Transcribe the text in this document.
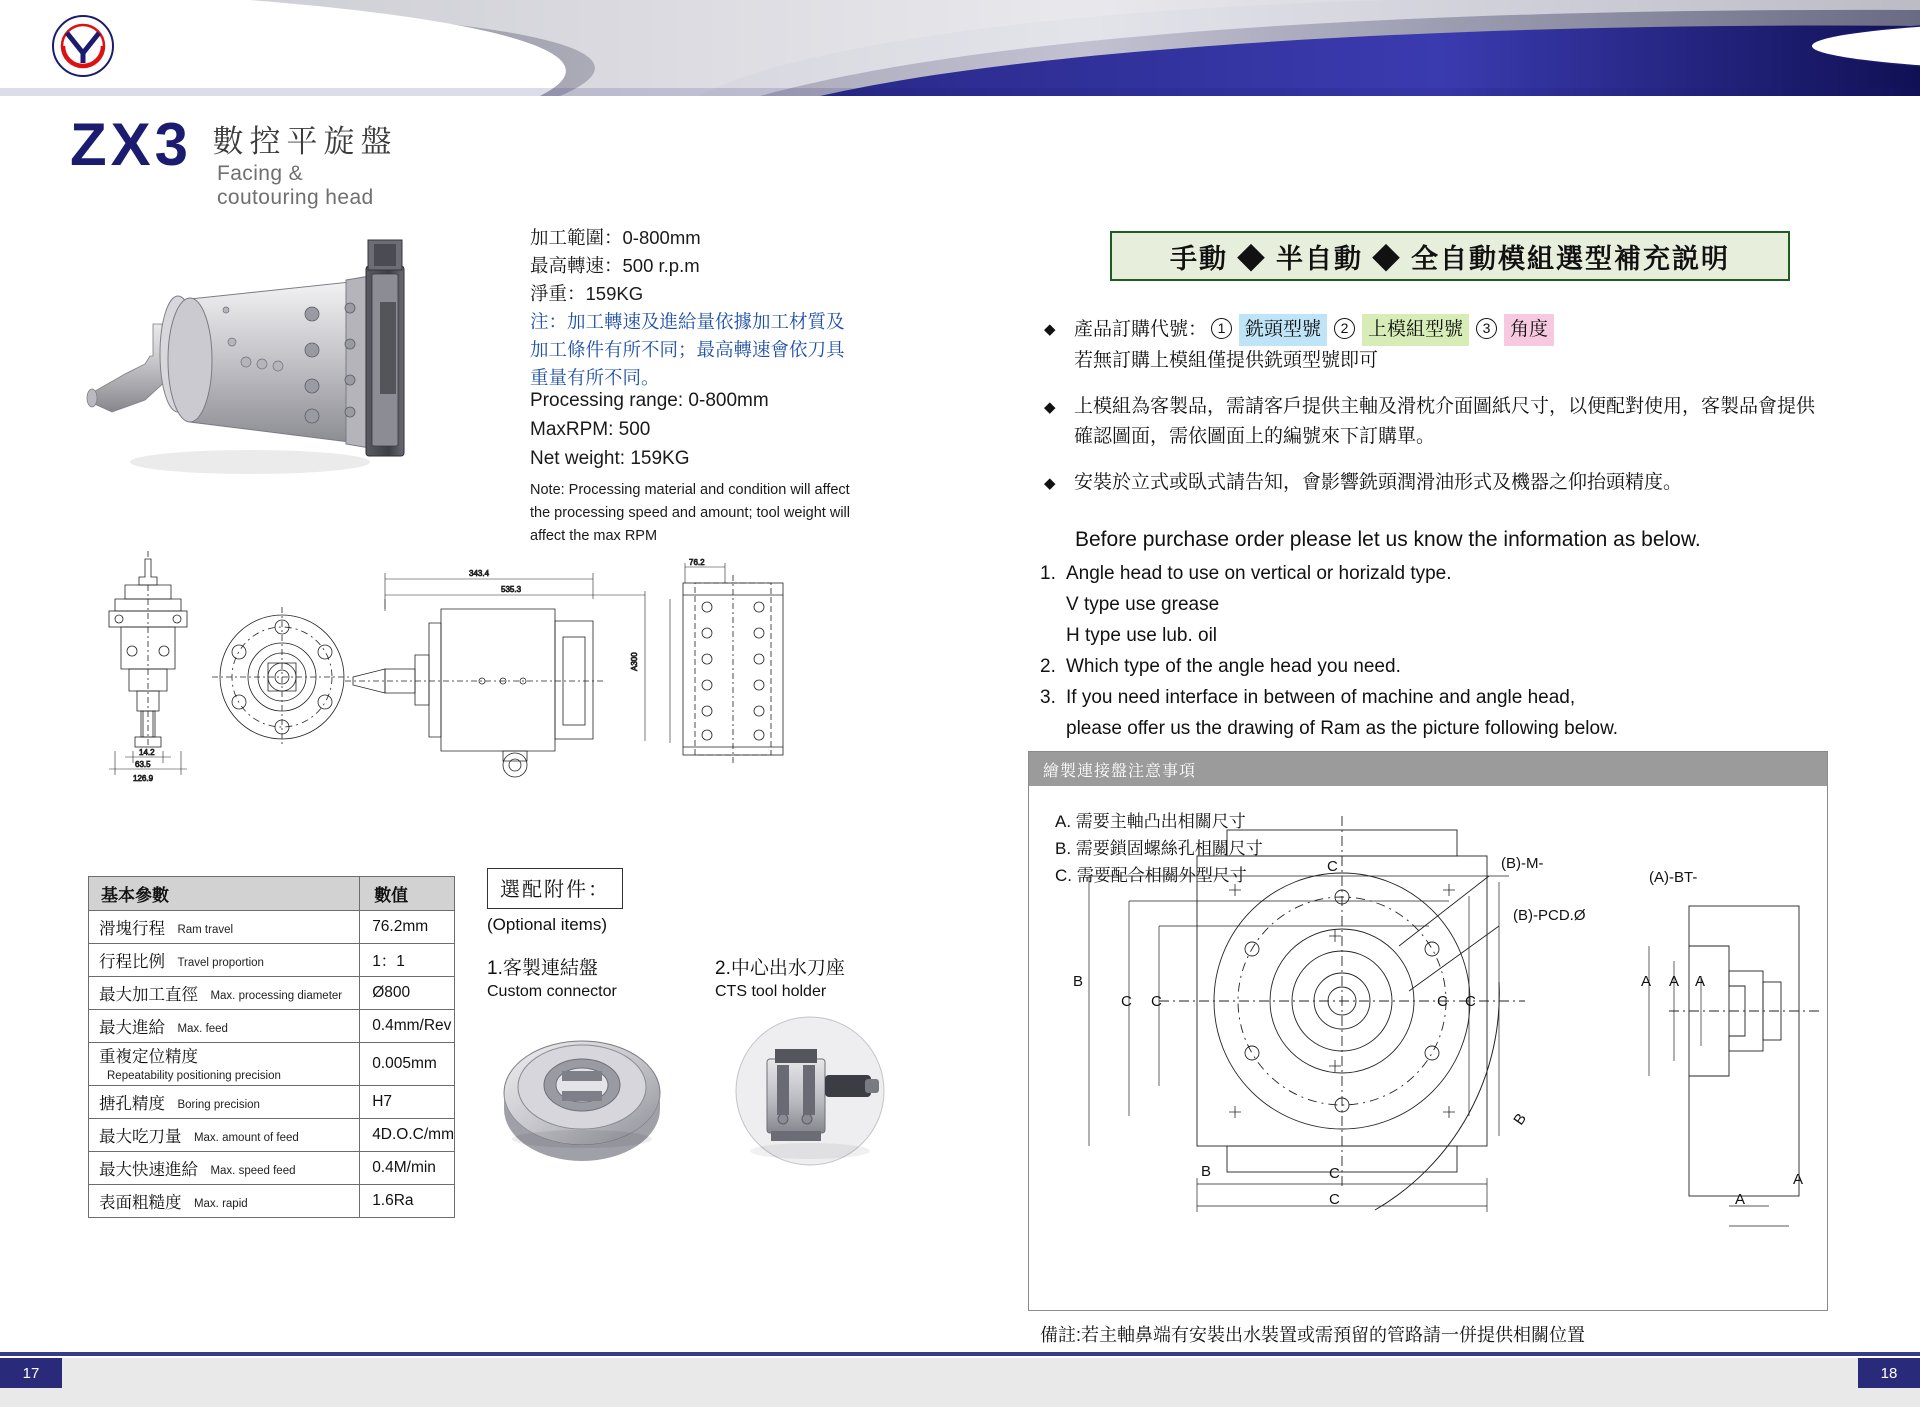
ZX3 數控平旋盤
Facing & coutouring head
加工範圍：0-800mm
最高轉速：500 r.p.m
淨重：159KG
注：加工轉速及進給量依據加工材質及加工條件有所不同；最高轉速會依刀具重量有所不同。
Processing range: 0-800mm
MaxRPM: 500
Net weight: 159KG
Note: Processing material and condition will affect the processing speed and amount; tool weight will affect the max RPM
14.2
63.5
126.9
343.4
535.3
76.2
A300
基本參數	數值
滑塊行程 Ram travel	76.2mm
行程比例 Travel proportion	1：1
最大加工直徑 Max. processing diameter	Ø800
最大進給 Max. feed	0.4mm/Rev
重複定位精度 Repeatability positioning precision	0.005mm
搪孔精度 Boring precision	H7
最大吃刀量 Max. amount of feed	4D.O.C/mm
最大快速進給 Max. speed feed	0.4M/min
表面粗糙度 Max. rapid	1.6Ra
選配附件：
(Optional items)
1.客製連結盤
Custom connector
2.中心出水刀座
CTS tool holder
手動 ◆ 半自動 ◆ 全自動模組選型補充説明
◆ 產品訂購代號： 1 銑頭型號 2 上模組型號 3 角度
若無訂購上模組僅提供銑頭型號即可
◆ 上模組為客製品，需請客戶提供主軸及滑枕介面圖紙尺寸，以便配對使用，客製品會提供確認圖面，需依圖面上的編號來下訂購單。
◆ 安裝於立式或臥式請告知，會影響銑頭潤滑油形式及機器之仰抬頭精度。
Before purchase order please let us know the information as below.
1. Angle head to use on vertical or horizald type.
V type use grease
H type use lub. oil
2. Which type of the angle head you need.
3. If you need interface in between of machine and angle head,
please offer us the drawing of Ram as the picture following below.
繪製連接盤注意事項
A. 需要主軸凸出相關尺寸
B. 需要鎖固螺絲孔相關尺寸
C. 需要配合相關外型尺寸
(B)-M-
(B)-PCD.Ø
(A)-BT-
C
C C	C C
C
C
B
B
B
A A A
A
A
備註:若主軸鼻端有安裝出水裝置或需預留的管路請一併提供相關位置
17	18
